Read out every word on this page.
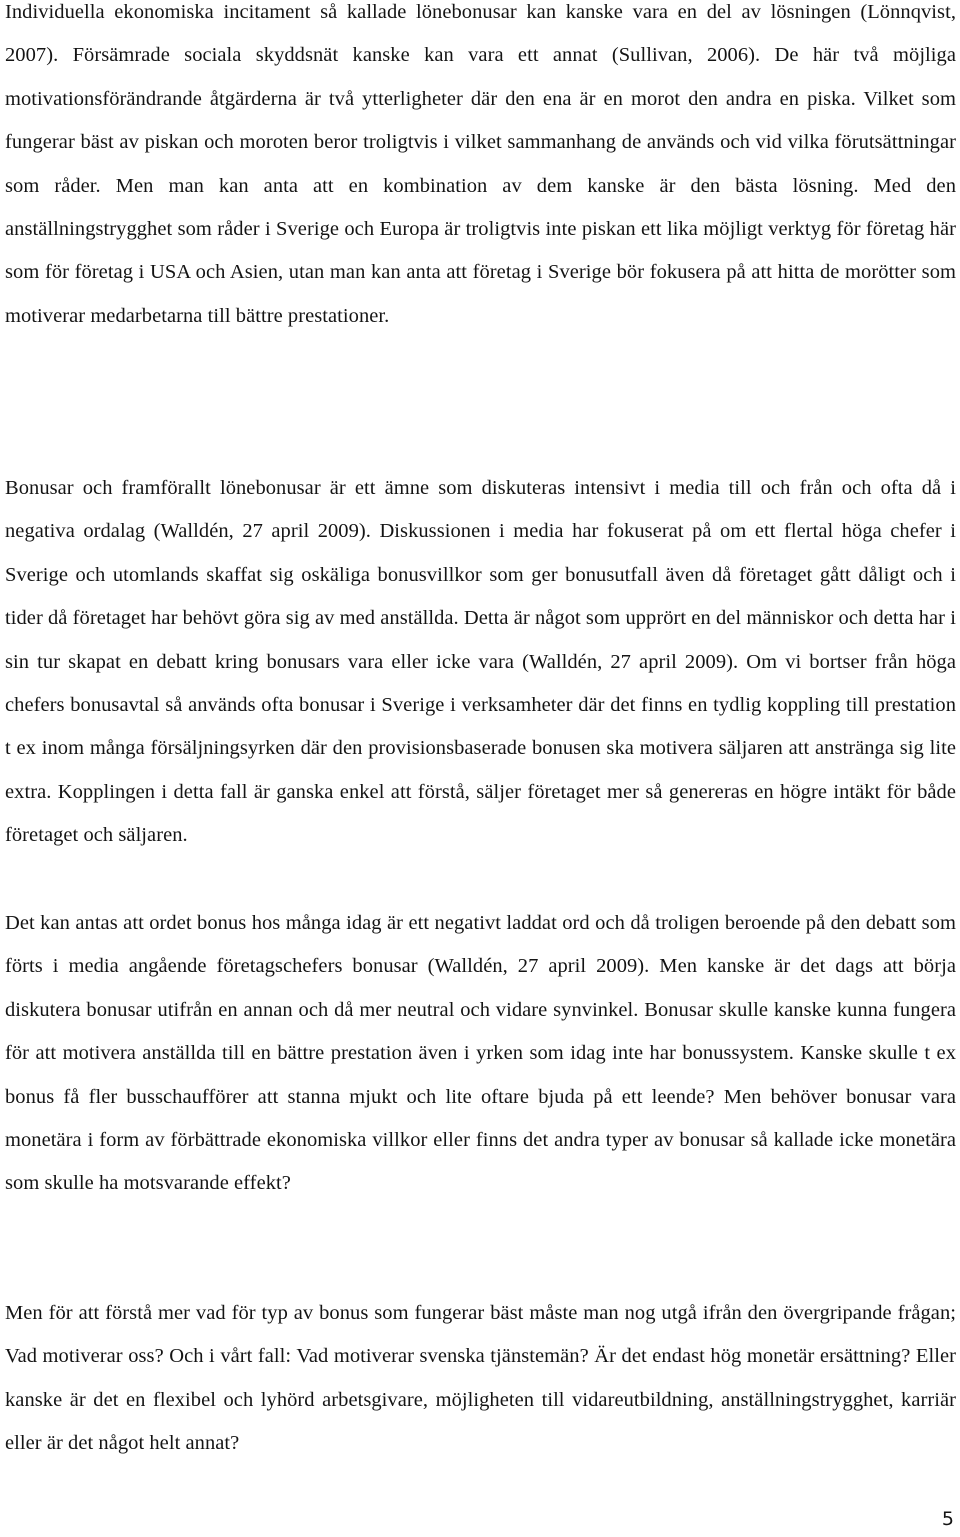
Individuella ekonomiska incitament så kallade lönebonusar kan kanske vara en del av lösningen (Lönnqvist, 2007). Försämrade sociala skyddsnät kanske kan vara ett annat (Sullivan, 2006). De här två möjliga motivationsförändrande åtgärderna är två ytterligheter där den ena är en morot den andra en piska. Vilket som fungerar bäst av piskan och moroten beror troligtvis i vilket sammanhang de används och vid vilka förutsättningar som råder. Men man kan anta att en kombination av dem kanske är den bästa lösning. Med den anställningstrygghet som råder i Sverige och Europa är troligtvis inte piskan ett lika möjligt verktyg för företag här som för företag i USA och Asien, utan man kan anta att företag i Sverige bör fokusera på att hitta de morötter som motiverar medarbetarna till bättre prestationer.

Bonusar och framförallt lönebonusar är ett ämne som diskuteras intensivt i media till och från och ofta då i negativa ordalag (Walldén, 27 april 2009). Diskussionen i media har fokuserat på om ett flertal höga chefer i Sverige och utomlands skaffat sig oskäliga bonusvillkor som ger bonusutfall även då företaget gått dåligt och i tider då företaget har behövt göra sig av med anställda. Detta är något som upprört en del människor och detta har i sin tur skapat en debatt kring bonusars vara eller icke vara (Walldén, 27 april 2009). Om vi bortser från höga chefers bonusavtal så används ofta bonusar i Sverige i verksamheter där det finns en tydlig koppling till prestation t ex inom många försäljningsyrken där den provisionsbaserade bonusen ska motivera säljaren att anstränga sig lite extra. Kopplingen i detta fall är ganska enkel att förstå, säljer företaget mer så genereras en högre intäkt för både företaget och säljaren.

Det kan antas att ordet bonus hos många idag är ett negativt laddat ord och då troligen beroende på den debatt som förts i media angående företagschefers bonusar (Walldén, 27 april 2009). Men kanske är det dags att börja diskutera bonusar utifrån en annan och då mer neutral och vidare synvinkel. Bonusar skulle kanske kunna fungera för att motivera anställda till en bättre prestation även i yrken som idag inte har bonussystem. Kanske skulle t ex bonus få fler busschaufförer att stanna mjukt och lite oftare bjuda på ett leende? Men behöver bonusar vara monetära i form av förbättrade ekonomiska villkor eller finns det andra typer av bonusar så kallade icke monetära som skulle ha motsvarande effekt?

Men för att förstå mer vad för typ av bonus som fungerar bäst måste man nog utgå ifrån den övergripande frågan; Vad motiverar oss? Och i vårt fall: Vad motiverar svenska tjänstemän? Är det endast hög monetär ersättning? Eller kanske är det en flexibel och lyhörd arbetsgivare, möjligheten till vidareutbildning, anställningstrygghet, karriär eller är det något helt annat?

5
